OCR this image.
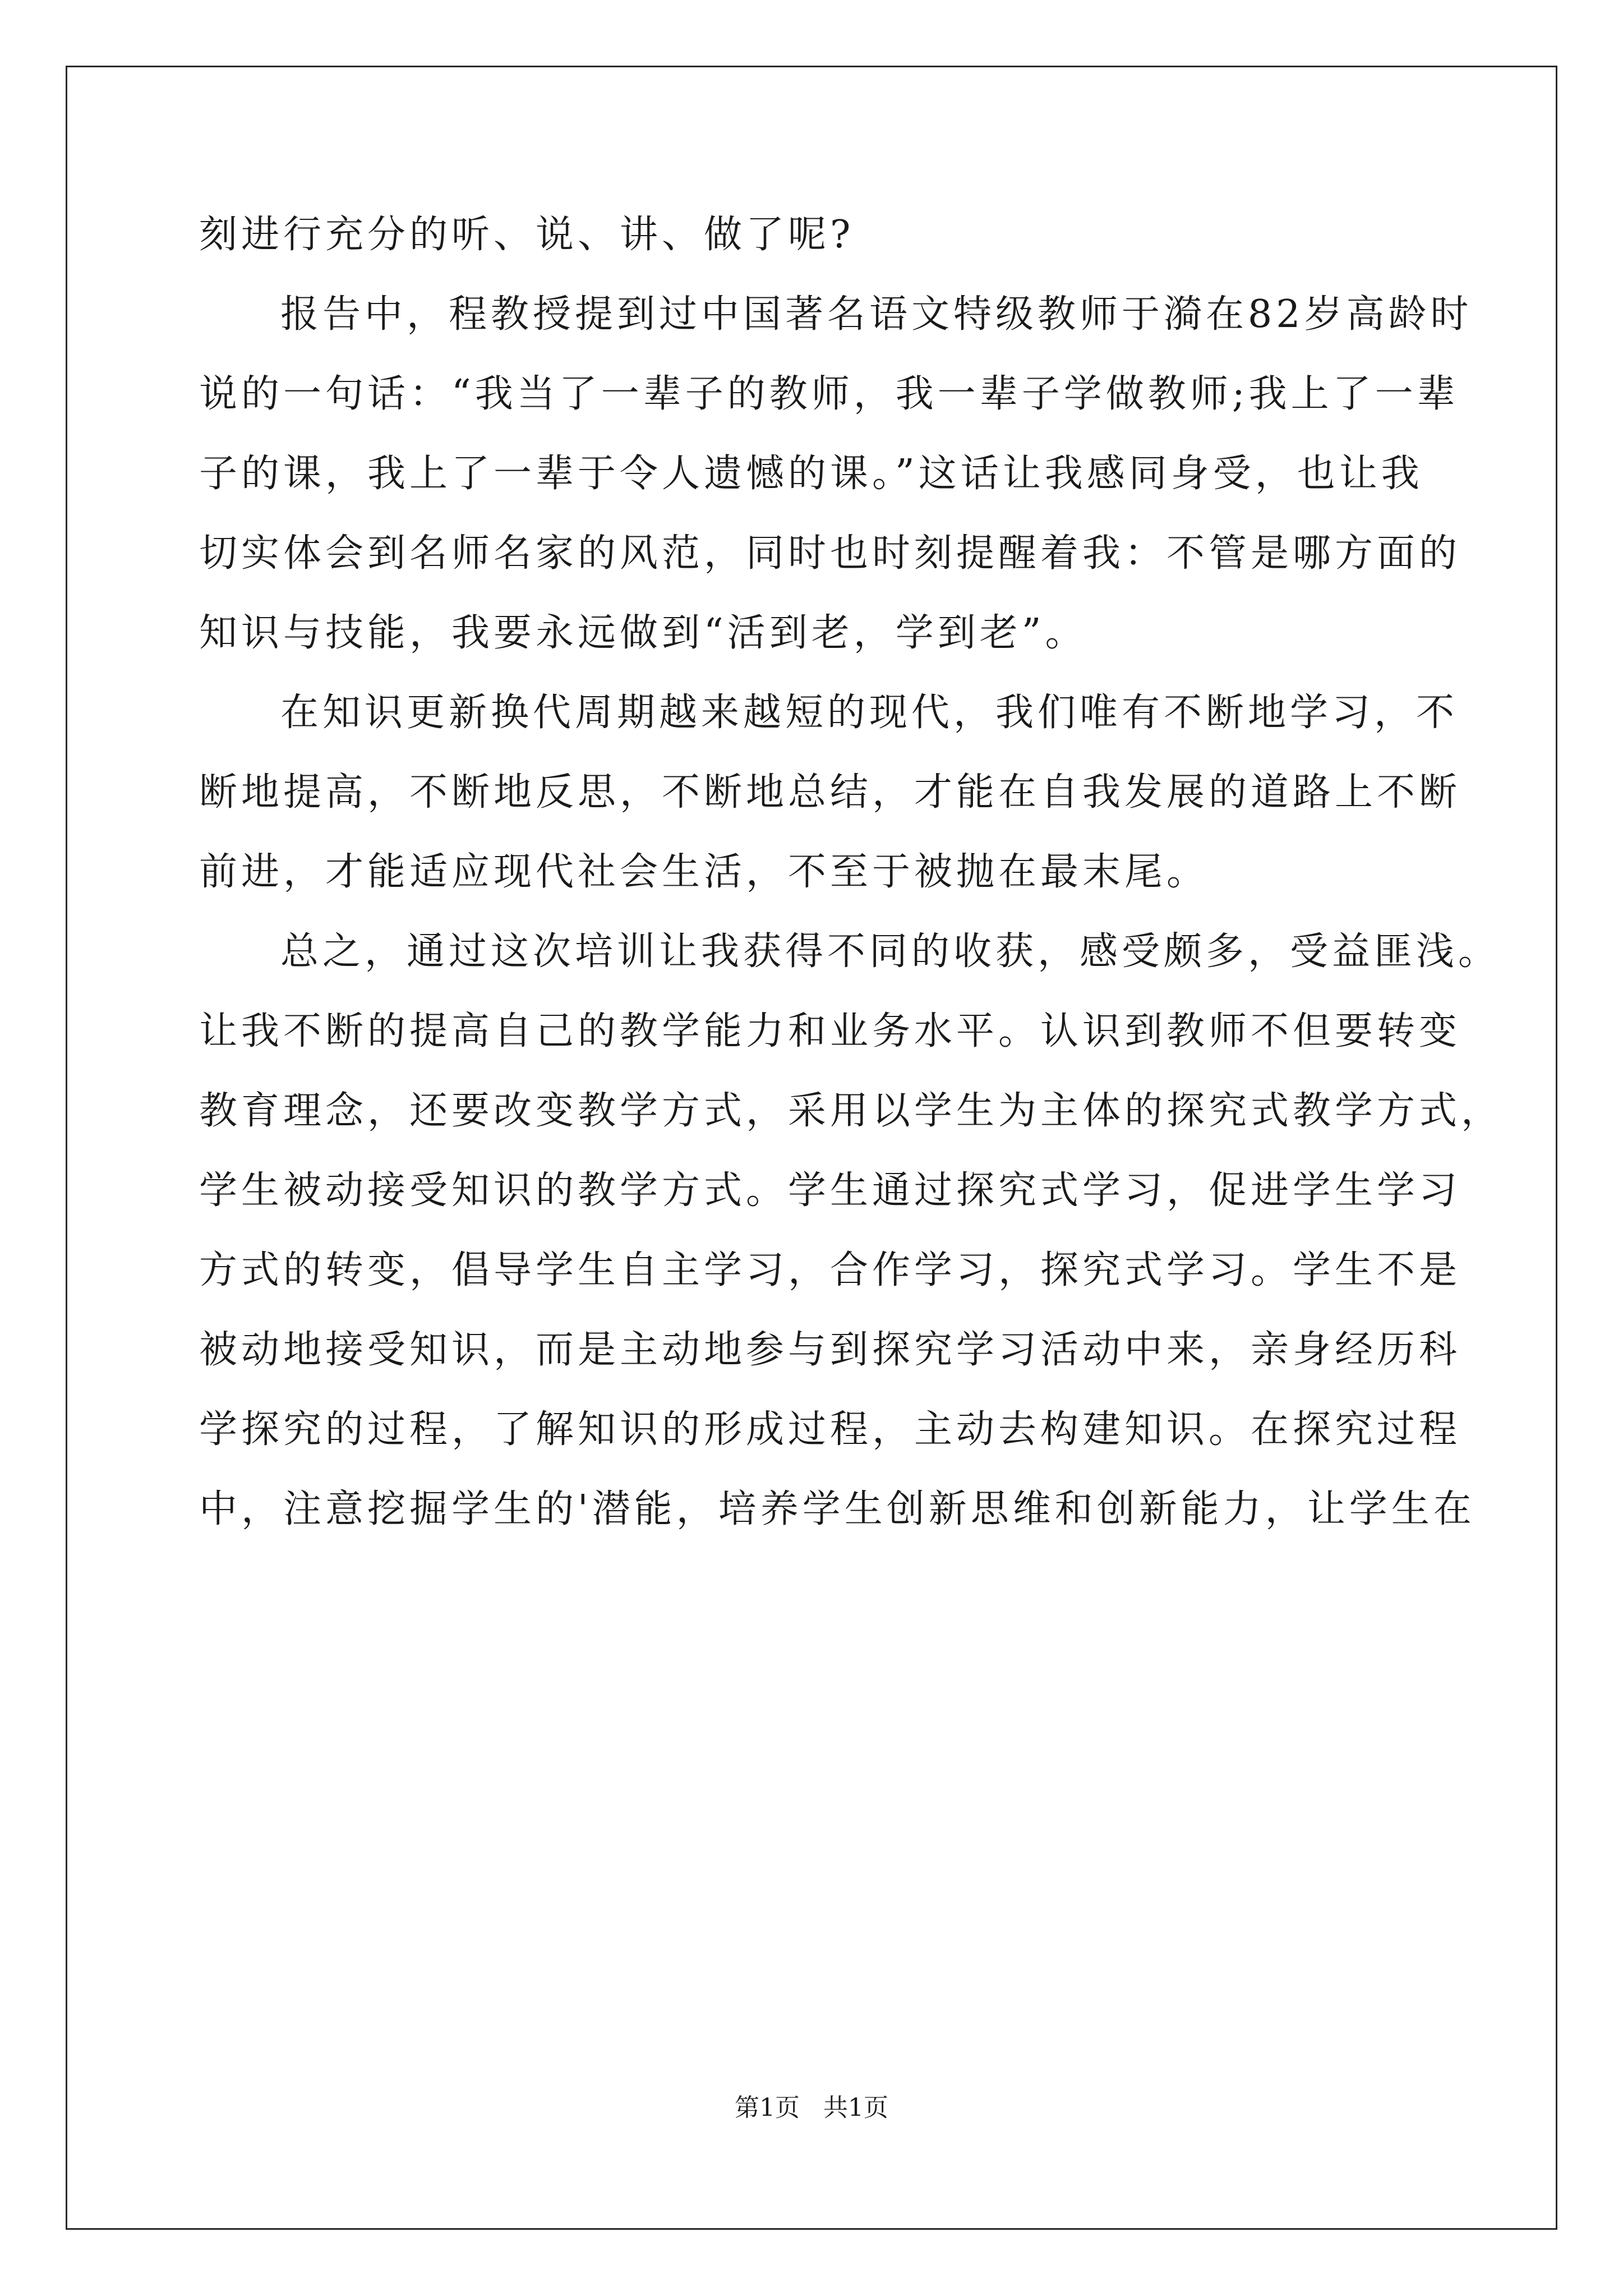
刻进行充分的听、说、讲、做了呢?
报告中，程教授提到过中国著名语文特级教师于漪在82岁高龄时
说的一句话：“我当了一辈子的教师，我一辈子学做教师;我上了一辈
子的课，我上了一辈于令人遗憾的课。”这话让我感同身受，也让我
切实体会到名师名家的风范，同时也时刻提醒着我：不管是哪方面的
知识与技能，我要永远做到“活到老，学到老”。
在知识更新换代周期越来越短的现代，我们唯有不断地学习，不
断地提高，不断地反思，不断地总结，才能在自我发展的道路上不断
前进，才能适应现代社会生活，不至于被抛在最末尾。
总之，通过这次培训让我获得不同的收获，感受颇多，受益匪浅。
让我不断的提高自己的教学能力和业务水平。认识到教师不但要转变
教育理念，还要改变教学方式，采用以学生为主体的探究式教学方式，
学生被动接受知识的教学方式。学生通过探究式学习，促进学生学习
方式的转变，倡导学生自主学习，合作学习，探究式学习。学生不是
被动地接受知识，而是主动地参与到探究学习活动中来，亲身经历科
学探究的过程，了解知识的形成过程，主动去构建知识。在探究过程
中，注意挖掘学生的'潜能，培养学生创新思维和创新能力，让学生在
第1页   共1页
